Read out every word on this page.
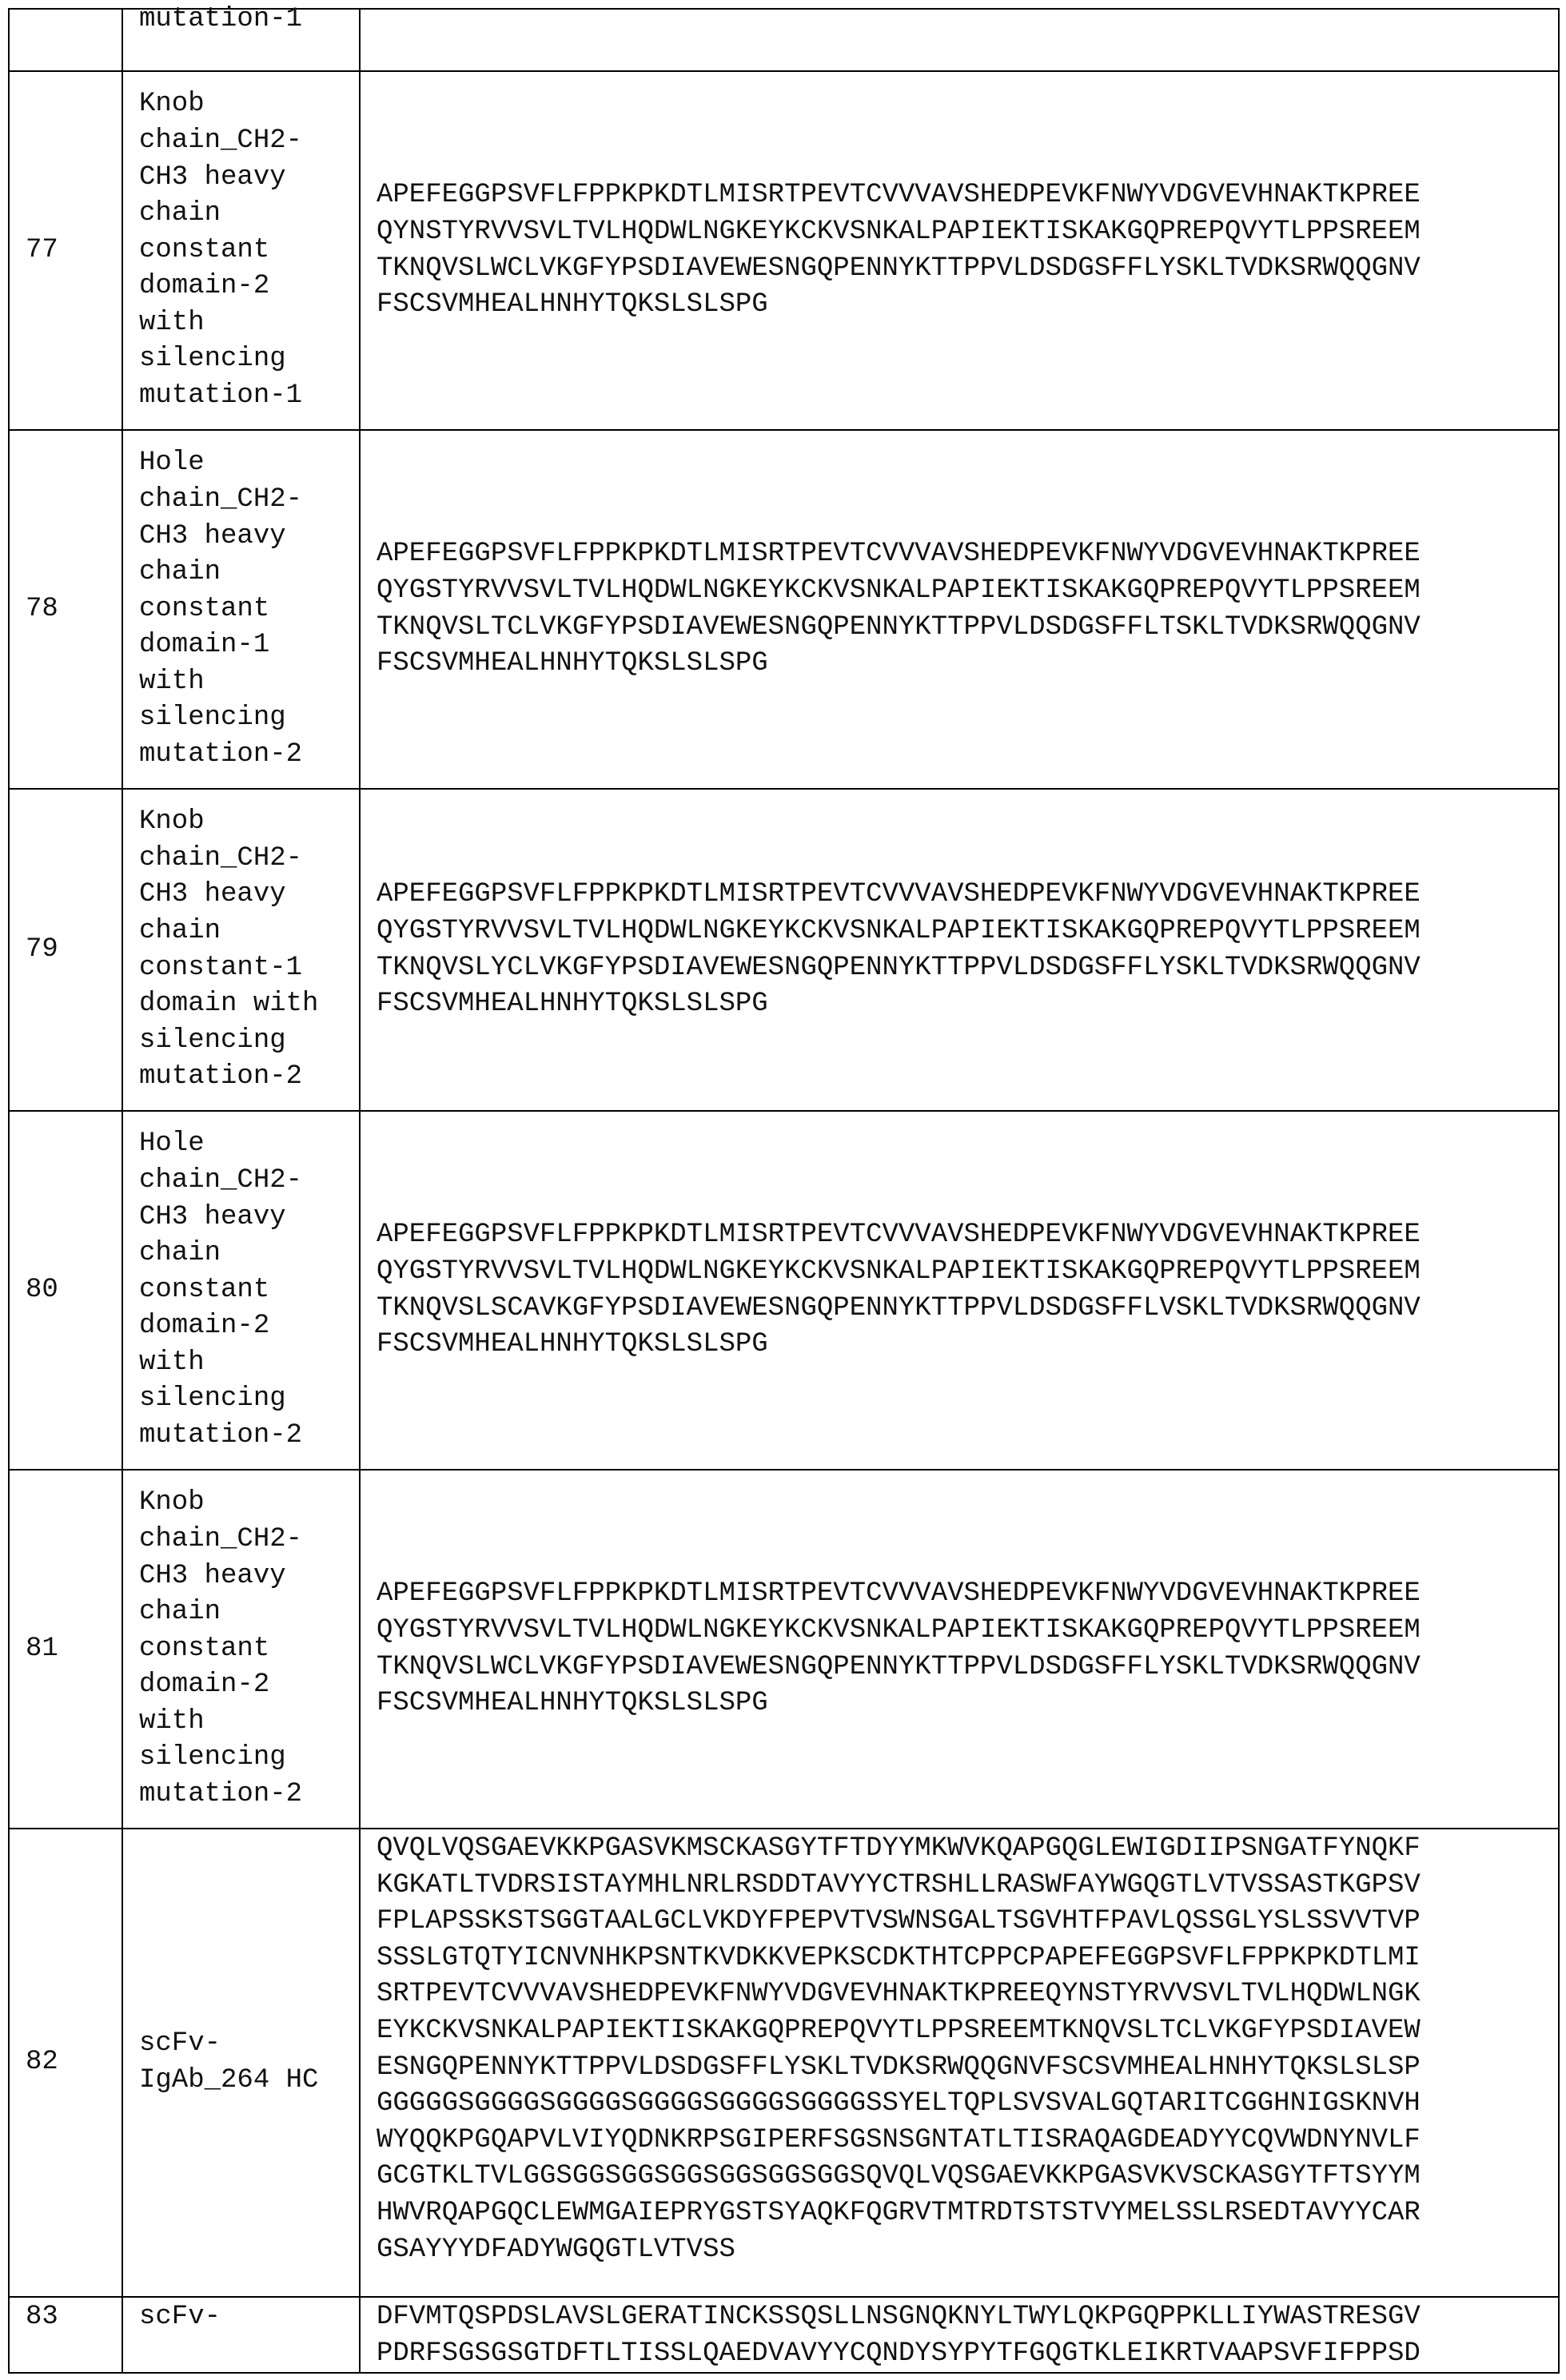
mutation-1

77	
Knob
chain_CH2-
CH3 heavy
chain
constant
domain-2
with
silencing
mutation-1

APEFEGGPSVFLFPPKPKDTLMISRTPEVTCVVVAVSHEDPEVKFNWYVDGVEVHNAKTKPREE
QYNSTYRVVSVLTVLHQDWLNGKEYKCKVSNKALPAPIEKTISKAKGQPREPQVYTLPPSREEM
TKNQVSLWCLVKGFYPSDIAVEWESNGQPENNYKTTPPVLDSDGSFFLYSKLTVDKSRWQQGNV
FSCSVMHEALHNHYTQKSLSLSPG

78	
Hole
chain_CH2-
CH3 heavy
chain
constant
domain-1
with
silencing
mutation-2

APEFEGGPSVFLFPPKPKDTLMISRTPEVTCVVVAVSHEDPEVKFNWYVDGVEVHNAKTKPREE
QYGSTYRVVSVLTVLHQDWLNGKEYKCKVSNKALPAPIEKTISKAKGQPREPQVYTLPPSREEM
TKNQVSLTCLVKGFYPSDIAVEWESNGQPENNYKTTPPVLDSDGSFFLTSKLTVDKSRWQQGNV
FSCSVMHEALHNHYTQKSLSLSPG

79	
Knob
chain_CH2-
CH3 heavy
chain
constant-1
domain with
silencing
mutation-2

APEFEGGPSVFLFPPKPKDTLMISRTPEVTCVVVAVSHEDPEVKFNWYVDGVEVHNAKTKPREE
QYGSTYRVVSVLTVLHQDWLNGKEYKCKVSNKALPAPIEKTISKAKGQPREPQVYTLPPSREEM
TKNQVSLYCLVKGFYPSDIAVEWESNGQPENNYKTTPPVLDSDGSFFLYSKLTVDKSRWQQGNV
FSCSVMHEALHNHYTQKSLSLSPG

80	
Hole
chain_CH2-
CH3 heavy
chain
constant
domain-2
with
silencing
mutation-2

APEFEGGPSVFLFPPKPKDTLMISRTPEVTCVVVAVSHEDPEVKFNWYVDGVEVHNAKTKPREE
QYGSTYRVVSVLTVLHQDWLNGKEYKCKVSNKALPAPIEKTISKAKGQPREPQVYTLPPSREEM
TKNQVSLSCAVKGFYPSDIAVEWESNGQPENNYKTTPPVLDSDGSFFLVSKLTVDKSRWQQGNV
FSCSVMHEALHNHYTQKSLSLSPG

81	
Knob
chain_CH2-
CH3 heavy
chain
constant
domain-2
with
silencing
mutation-2

APEFEGGPSVFLFPPKPKDTLMISRTPEVTCVVVAVSHEDPEVKFNWYVDGVEVHNAKTKPREE
QYGSTYRVVSVLTVLHQDWLNGKEYKCKVSNKALPAPIEKTISKAKGQPREPQVYTLPPSREEM
TKNQVSLWCLVKGFYPSDIAVEWESNGQPENNYKTTPPVLDSDGSFFLYSKLTVDKSRWQQGNV
FSCSVMHEALHNHYTQKSLSLSPG

82	
scFv-
IgAb_264 HC

QVQLVQSGAEVKKPGASVKMSCKASGYTFTDYYMKWVKQAPGQGLEWIGDIIPSNGATFYNQKF
KGKATLTVDRSISTAYMHLNRLRSDDTAVYYCTRSHLLRASWFAYWGQGTLVTVSSASTKGPSV
FPLAPSSKSTSGGTAALGCLVKDYFPEPVTVSWNSGALTSGVHTFPAVLQSSGLYSLSSVVTVP
SSSLGTQTYICNVNHKPSNTKVDKKVEPKSCDKTHTCPPCPAPEFEGGPSVFLFPPKPKDTLMI
SRTPEVTCVVVAVSHEDPEVKFNWYVDGVEVHNAKTKPREEQYNSTYRVVSVLTVLHQDWLNGK
EYKCKVSNKALPAPIEKTISKAKGQPREPQVYTLPPSREEMTKNQVSLTCLVKGFYPSDIAVEW
ESNGQPENNYKTTPPVLDSDGSFFLYSKLTVDKSRWQQGNVFSCSVMHEALHNHYTQKSLSLSP
GGGGGSGGGGSGGGGSGGGGSGGGGSGGGGSSYELTQPLSVSVALGQTARITCGGHNIGSKNVH
WYQQKPGQAPVLVIYQDNKRPSGIPERFSGSNSGNTATLTISRAQAGDEADYYCQVWDNYNVLF
GCGTKLTVLGGSGGSGGSGGSGGSGGSGGSQVQLVQSGAEVKKPGASVKVSCKASGYTFTSYYM
HWVRQAPGQCLEWMGAIEPRYGSTSYAQKFQGRVTMTRDTSTSTVYMELSSLRSEDTAVYYCAR
GSAYYYDFADYWGQGTLVTVSS

83	scFv-	DFVMTQSPDSLAVSLGERATINCKSSQSLLNSGNQKNYLTWYLQKPGQPPKLLIYWASTRESGV
PDRFSGSGSGTDFTLTISSLQAEDVAVYYCQNDYSYPYTFGQGTKLEIKRTVAAPSVFIFPPSD
